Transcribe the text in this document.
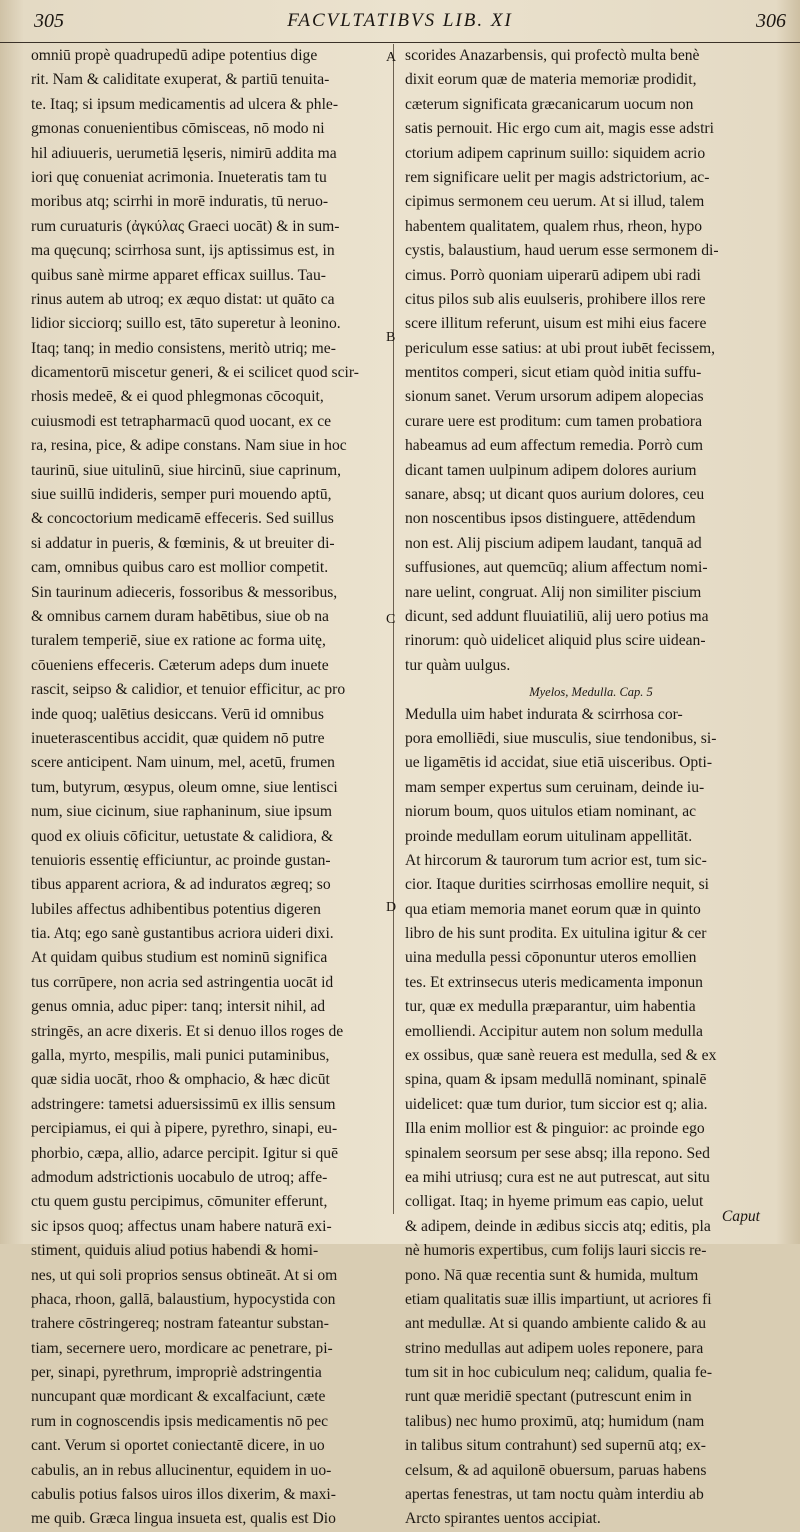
305	FACVLTATIBVS LIB. XI	306
A
B
C
D
omniū propè quadrupedū adipe potentius dige
rit. Nam & caliditate exuperat, & partiū tenuita-
te. Itaq; si ipsum medicamentis ad ulcera & phle-
gmonas conuenientibus cōmisceas, nō modo ni
hil adiuueris, uerumetiā lęseris, nimirū addita ma
iori quę conueniat acrimonia. Inueteratis tam tu
moribus atq; scirrhi in morē induratis, tū neruo-
rum curuaturis (ἀγκύλας Graeci uocāt) & in sum-
ma quęcunq; scirrhosa sunt, ijs aptissimus est, in
quibus sanè mirme apparet efficax suillus. Tau-
rinus autem ab utroq; ex æquo distat: ut quāto ca
lidior sicciorq; suillo est, tāto superetur à leonino.
Itaq; tanq; in medio consistens, meritò utriq; me-
dicamentorū miscetur generi, & ei scilicet quod scir-
rhosis medeē, & ei quod phlegmonas cōcoquit,
cuiusmodi est tetrapharmacū quod uocant, ex ce
ra, resina, pice, & adipe constans. Nam siue in hoc
taurinū, siue uitulinū, siue hircinū, siue caprinum,
siue suillū indideris, semper puri mouendo aptū,
& concoctorium medicamē effeceris. Sed suillus
si addatur in pueris, & fœminis, & ut breuiter di-
cam, omnibus quibus caro est mollior competit.
Sin taurinum adieceris, fossoribus & messoribus,
& omnibus carnem duram habētibus, siue ob na
turalem temperiē, siue ex ratione ac forma uitę,
cōueniens effeceris. Cæterum adeps dum inuete
rascit, seipso & calidior, et tenuior efficitur, ac pro
inde quoq; ualētius desiccans. Verū id omnibus
inueterascentibus accidit, quæ quidem nō putre
scere anticipent. Nam uinum, mel, acetū, frumen
tum, butyrum, œsypus, oleum omne, siue lentisci
num, siue cicinum, siue raphaninum, siue ipsum
quod ex oliuis cōficitur, uetustate & calidiora, &
tenuioris essentię efficiuntur, ac proinde gustan-
tibus apparent acriora, & ad induratos ægreq; so
lubiles affectus adhibentibus potentius digeren
tia. Atq; ego sanè gustantibus acriora uideri dixi.
At quidam quibus studium est nominū significa
tus corrūpere, non acria sed astringentia uocāt id
genus omnia, aduc piper: tanq; intersit nihil, ad
stringēs, an acre dixeris. Et si denuo illos roges de
galla, myrto, mespilis, mali punici putaminibus,
quæ sidia uocāt, rhoo & omphacio, & hæc dicūt
adstringere: tametsi aduersissimū ex illis sensum
percipiamus, ei qui à pipere, pyrethro, sinapi, eu-
phorbio, cæpa, allio, adarce percipit. Igitur si quē
admodum adstrictionis uocabulo de utroq; affe-
ctu quem gustu percipimus, cōmuniter efferunt,
sic ipsos quoq; affectus unam habere naturā exi-
stiment, quiduis aliud potius habendi & homi-
nes, ut qui soli proprios sensus obtineāt. At si om
phaca, rhoon, gallā, balaustium, hypocystida con
trahere cōstringereq; nostram fateantur substan-
tiam, secernere uero, mordicare ac penetrare, pi-
per, sinapi, pyrethrum, impropriè adstringentia
nuncupant quæ mordicant & excalfaciunt, cæte
rum in cognoscendis ipsis medicamentis nō pec
cant. Verum si oportet coniectantē dicere, in uo
cabulis, an in rebus allucinentur, equidem in uo-
cabulis potius falsos uiros illos dixerim, & maxi-
me quib. Græca lingua insueta est, qualis est Dio
scorides Anazarbensis, qui profectò multa benè
dixit eorum quæ de materia memoriæ prodidit,
cæterum significata græcanicarum uocum non
satis pernouit. Hic ergo cum ait, magis esse adstri
ctorium adipem caprinum suillo: siquidem acrio
rem significare uelit per magis adstrictorium, ac-
cipimus sermonem ceu uerum. At si illud, talem
habentem qualitatem, qualem rhus, rheon, hypo
cystis, balaustium, haud uerum esse sermonem di-
cimus. Porrò quoniam uiperarū adipem ubi radi
citus pilos sub alis euulseris, prohibere illos rere
scere illitum referunt, uisum est mihi eius facere
periculum esse satius: at ubi prout iubēt fecissem,
mentitos comperi, sicut etiam quòd initia suffu-
sionum sanet. Verum ursorum adipem alopecias
curare uere est proditum: cum tamen probatiora
habeamus ad eum affectum remedia. Porrò cum
dicant tamen uulpinum adipem dolores aurium
sanare, absq; ut dicant quos aurium dolores, ceu
non noscentibus ipsos distinguere, attēdendum
non est. Alij piscium adipem laudant, tanquā ad
suffusiones, aut quemcūq; alium affectum nomi-
nare uelint, congruat. Alij non similiter piscium
dicunt, sed addunt fluuiatiliū, alij uero potius ma
rinorum: quò uidelicet aliquid plus scire uidean-
tur quàm uulgus.
Myelos, Medulla. Cap. 5
Medulla uim habet indurata & scirrhosa cor-
pora emolliēdi, siue musculis, siue tendonibus, si-
ue ligamētis id accidat, siue etiā uisceribus. Opti-
mam semper expertus sum ceruinam, deinde iu-
niorum boum, quos uitulos etiam nominant, ac
proinde medullam eorum uitulinam appellitāt.
At hircorum & taurorum tum acrior est, tum sic-
cior. Itaque durities scirrhosas emollire nequit, si
qua etiam memoria manet eorum quæ in quinto
libro de his sunt prodita. Ex uitulina igitur & cer
uina medulla pessi cōponuntur uteros emollien
tes. Et extrinsecus uteris medicamenta imponun
tur, quæ ex medulla præparantur, uim habentia
emolliendi. Accipitur autem non solum medulla
ex ossibus, quæ sanè reuera est medulla, sed & ex
spina, quam & ipsam medullā nominant, spinalē
uidelicet: quæ tum durior, tum siccior est q; alia.
Illa enim mollior est & pinguior: ac proinde ego
spinalem seorsum per sese absq; illa repono. Sed
ea mihi utriusq; cura est ne aut putrescat, aut situ
colligat. Itaq; in hyeme primum eas capio, uelut
& adipem, deinde in ædibus siccis atq; editis, pla
nè humoris expertibus, cum folijs lauri siccis re-
pono. Nā quæ recentia sunt & humida, multum
etiam qualitatis suæ illis impartiunt, ut acriores fi
ant medullæ. At si quando ambiente calido & au
strino medullas aut adipem uoles reponere, para
tum sit in hoc cubiculum neq; calidum, qualia fe-
runt quæ meridiē spectant (putrescunt enim in
talibus) nec humo proximū, atq; humidum (nam
in talibus situm contrahunt) sed supernū atq; ex-
celsum, & ad aquilonē obuersum, paruas habens
apertas fenestras, ut tam noctu quàm interdiu ab
Arcto spirantes uentos accipiat.
Caput
